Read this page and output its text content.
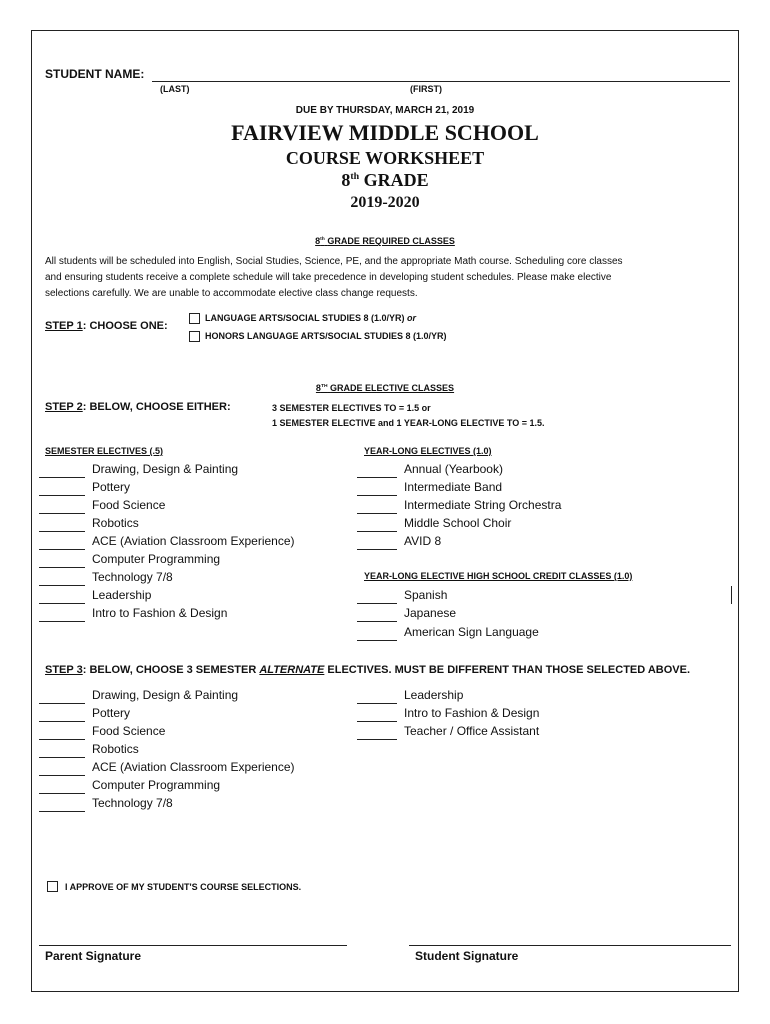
STUDENT NAME:
(LAST)	(FIRST)
DUE BY THURSDAY, MARCH 21, 2019
FAIRVIEW MIDDLE SCHOOL
COURSE WORKSHEET
8th GRADE
2019-2020
8th GRADE REQUIRED CLASSES
All students will be scheduled into English, Social Studies, Science, PE, and the appropriate Math course. Scheduling core classes
and ensuring students receive a complete schedule will take precedence in developing student schedules. Please make elective
selections carefully. We are unable to accommodate elective class change requests.
STEP 1: CHOOSE ONE:
LANGUAGE ARTS/SOCIAL STUDIES 8 (1.0/YR) or
HONORS LANGUAGE ARTS/SOCIAL STUDIES 8 (1.0/YR)
8TH GRADE ELECTIVE CLASSES
STEP 2: BELOW, CHOOSE EITHER:	3 SEMESTER ELECTIVES TO = 1.5 or
1 SEMESTER ELECTIVE and 1 YEAR-LONG ELECTIVE TO = 1.5.
SEMESTER ELECTIVES (.5)
Drawing, Design & Painting
Pottery
Food Science
Robotics
ACE (Aviation Classroom Experience)
Computer Programming
Technology 7/8
Leadership
Intro to Fashion & Design
YEAR-LONG ELECTIVES (1.0)
Annual (Yearbook)
Intermediate Band
Intermediate String Orchestra
Middle School Choir
AVID 8
YEAR-LONG ELECTIVE HIGH SCHOOL CREDIT CLASSES (1.0)
Spanish
Japanese
American Sign Language
STEP 3: BELOW, CHOOSE 3 SEMESTER ALTERNATE ELECTIVES. MUST BE DIFFERENT THAN THOSE SELECTED ABOVE.
Drawing, Design & Painting
Pottery
Food Science
Robotics
ACE (Aviation Classroom Experience)
Computer Programming
Technology 7/8
Leadership
Intro to Fashion & Design
Teacher / Office Assistant
I APPROVE OF MY STUDENT'S COURSE SELECTIONS.
Parent Signature	Student Signature
